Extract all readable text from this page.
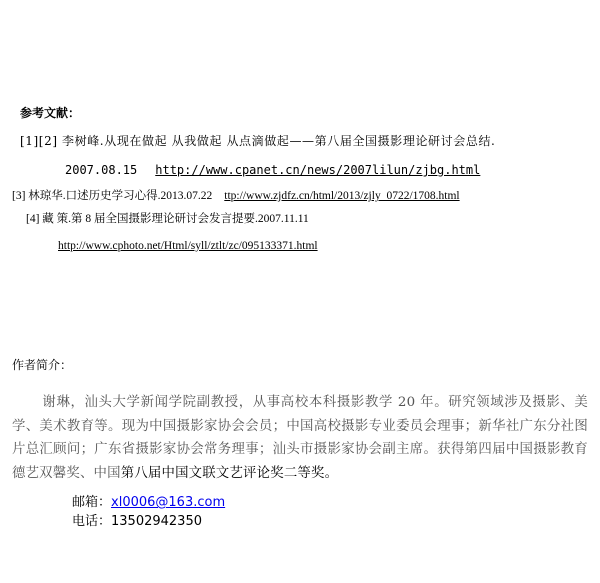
参考文献：
[1][2] 李树峰.从现在做起 从我做起 从点滴做起——第八届全国摄影理论研讨会总结.
2007.08.15 http://www.cpanet.cn/news/2007lilun/zjbg.html
[3] 林琼华.口述历史学习心得.2013.07.22 ttp://www.zjdfz.cn/html/2013/zjly_0722/1708.html
[4] 藏 策.第 8 届全国摄影理论研讨会发言提要.2007.11.11
http://www.cphoto.net/Html/syll/ztlt/zc/095133371.html
作者简介：
谢琳，汕头大学新闻学院副教授，从事高校本科摄影教学 20 年。研究领域涉及摄影、美学、美术教育等。现为中国摄影家协会会员；中国高校摄影专业委员会理事；新华社广东分社图片总汇顾问；广东省摄影家协会常务理事；汕头市摄影家协会副主席。获得第四届中国摄影教育德艺双馨奖、中国第八届中国文联文艺评论奖二等奖。
邮箱：xl0006@163.com
电话：13502942350
